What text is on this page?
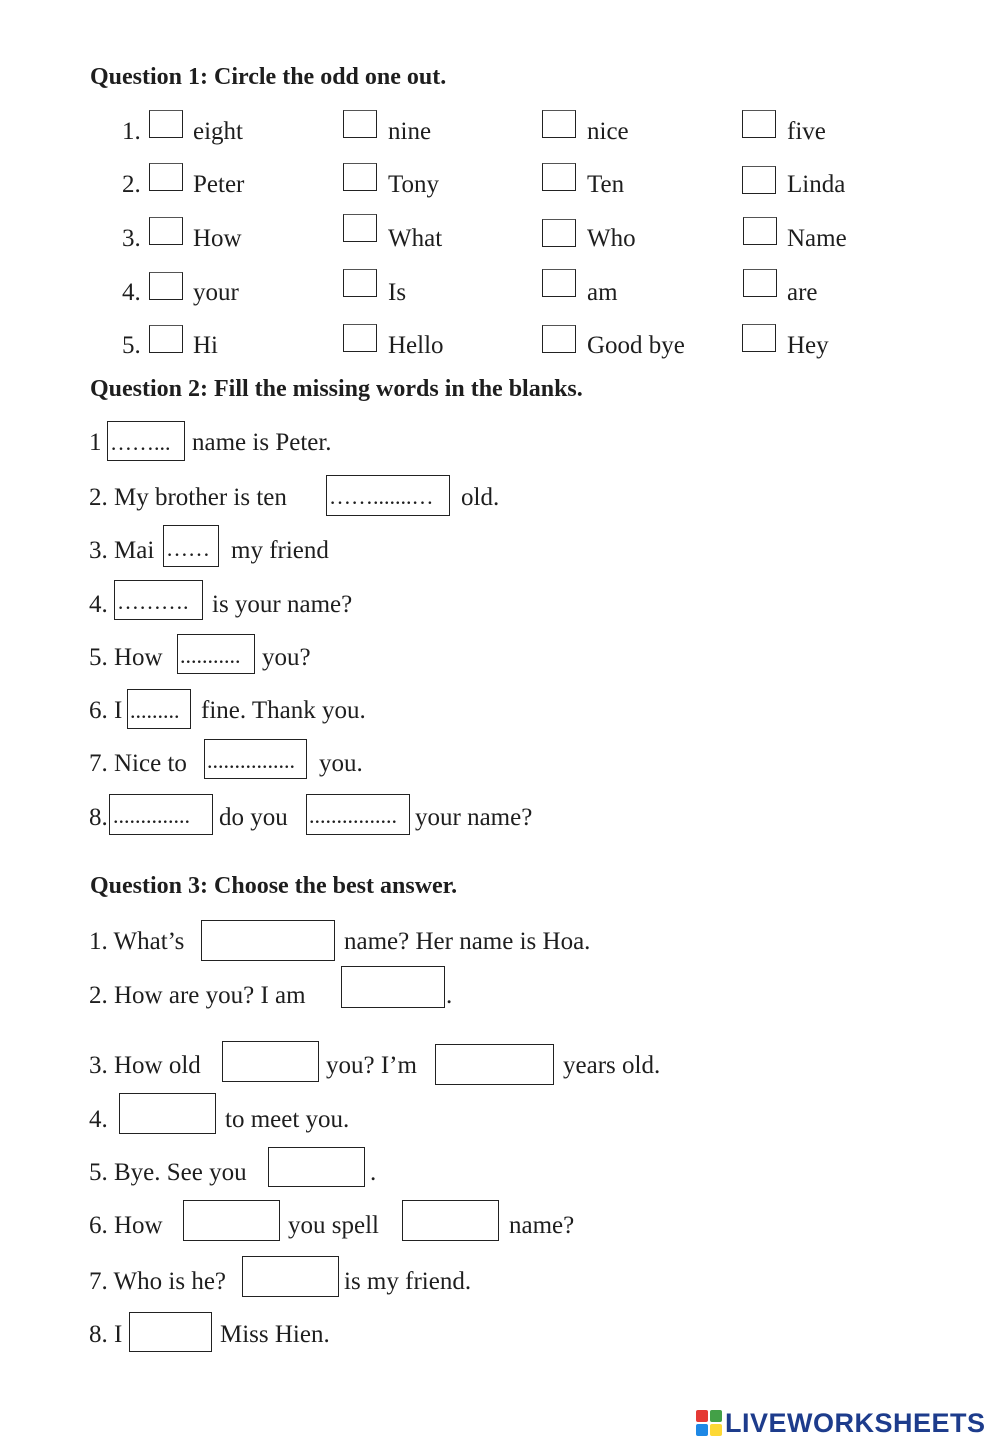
Question 1: Circle the odd one out.
1. eight	nine	nice	five
2. Peter	Tony	Ten	Linda
3. How	What	Who	Name
4. your	Is	am	are
5. Hi	Hello	Good bye	Hey
Question 2: Fill the missing words in the blanks.
1 ……... name is Peter.
2. My brother is ten …….......… old.
3. Mai …… my friend
4. ………. is your name?
5. How ........... you?
6. I ......... fine. Thank you.
7. Nice to ................ you.
8. .............. do you ................ your name?
Question 3: Choose the best answer.
1. What’s	name? Her name is Hoa.
2. How are you? I am	.
3. How old	you? I’m	years old.
4.	to meet you.
5. Bye. See you	.
6. How	you spell	name?
7. Who is he?	is my friend.
8. I	Miss Hien.
LIVEWORKSHEETS
